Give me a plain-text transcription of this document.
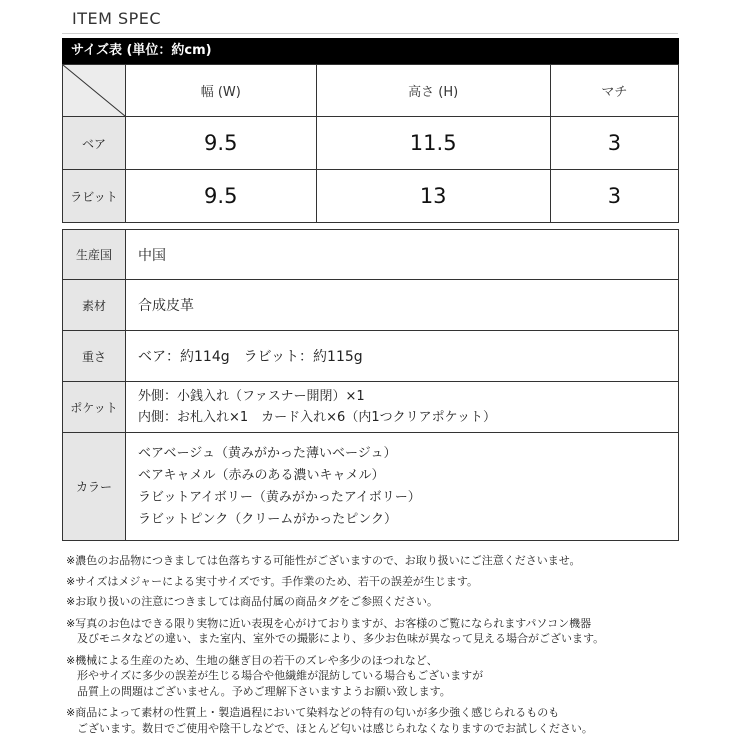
ITEM SPEC
サイズ表 (単位：約cm)
	幅 (W)	高さ (H)	マチ
ベア	9.5	11.5	3
ラビット	9.5	13	3
生産国	中国
素材	合成皮革
重さ	ベア：約114g　ラビット：約115g
ポケット	外側：小銭入れ（ファスナー開閉）×1
内側：お札入れ×1　カード入れ×6（内1つクリアポケット）

カラー	ベアベージュ（黄みがかった薄いベージュ）
ベアキャメル（赤みのある濃いキャメル）
ラビットアイボリー（黄みがかったアイボリー）
ラビットピンク（クリームがかったピンク）

※濃色のお品物につきましては色落ちする可能性がございますので、お取り扱いにご注意くださいませ。

※サイズはメジャーによる実寸サイズです。手作業のため、若干の誤差が生じます。

※お取り扱いの注意につきましては商品付属の商品タグをご参照ください。

※写真のお色はできる限り実物に近い表現を心がけておりますが、お客様のご覧になられますパソコン機器
　及びモニタなどの違い、また室内、室外での撮影により、多少お色味が異なって見える場合がございます。

※機械による生産のため、生地の継ぎ目の若干のズレや多少のほつれなど、
　形やサイズに多少の誤差が生じる場合や他繊維が混紡している場合もございますが
　品質上の問題はございません。予めご理解下さいますようお願い致します。

※商品によって素材の性質上・製造過程において染料などの特有の匂いが多少強く感じられるものも
　ございます。数日でご使用や陰干しなどで、ほとんど匂いは感じられなくなりますのでお試しください。
